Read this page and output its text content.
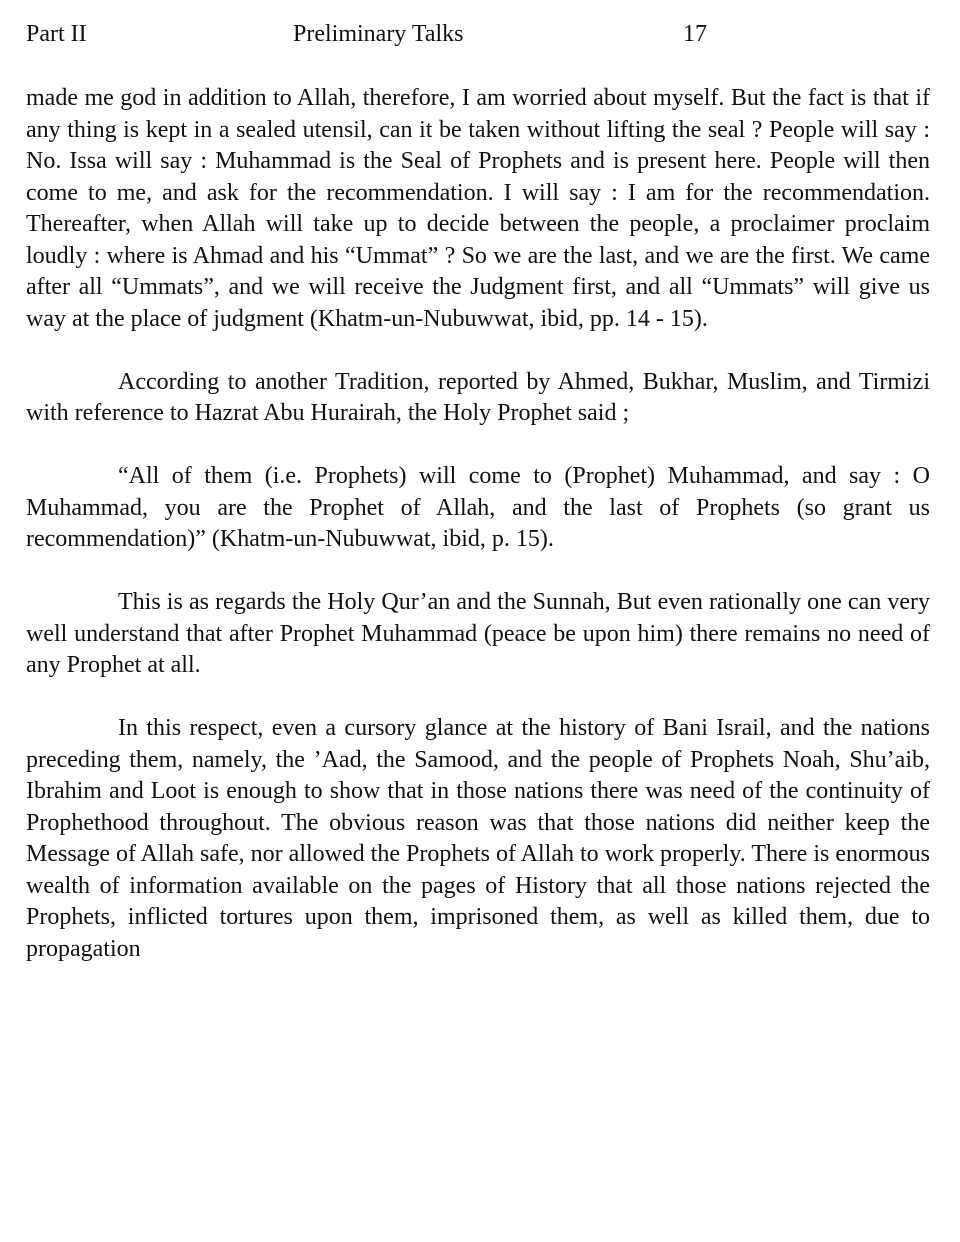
Part II	Preliminary Talks	17

made me god in addition to Allah, therefore, I am worried about myself. But the fact is that if any thing is kept in a sealed utensil, can it be taken without lifting the seal ? People will say : No. Issa will say : Muhammad is the Seal of Prophets and is present here. People will then come to me, and ask for the recommendation. I will say : I am for the recommendation. Thereafter, when Allah will take up to decide between the people, a proclaimer proclaim loudly : where is Ahmad and his “Ummat” ? So we are the last, and we are the first. We came after all “Ummats”, and we will receive the Judgment first, and all “Ummats” will give us way at the place of judgment (Khatm-un-Nubuwwat, ibid, pp. 14 - 15).

According to another Tradition, reported by Ahmed, Bukhar, Muslim, and Tirmizi with reference to Hazrat Abu Hurairah, the Holy Prophet said ;

“All of them (i.e. Prophets) will come to (Prophet) Muhammad, and say : O Muhammad, you are the Prophet of Allah, and the last of Prophets (so grant us recommendation)” (Khatm-un-Nubuwwat, ibid, p. 15).

This is as regards the Holy Qur’an and the Sunnah, But even rationally one can very well understand that after Prophet Muhammad (peace be upon him) there remains no need of any Prophet at all.

In this respect, even a cursory glance at the history of Bani Israil, and the nations preceding them, namely, the ’Aad, the Samood, and the people of Prophets Noah, Shu’aib, Ibrahim and Loot is enough to show that in those nations there was need of the continuity of Prophethood throughout. The obvious reason was that those nations did neither keep the Message of Allah safe, nor allowed the Prophets of Allah to work properly. There is enormous wealth of information available on the pages of History that all those nations rejected the Prophets, inflicted tortures upon them, imprisoned them, as well as killed them, due to propagation
